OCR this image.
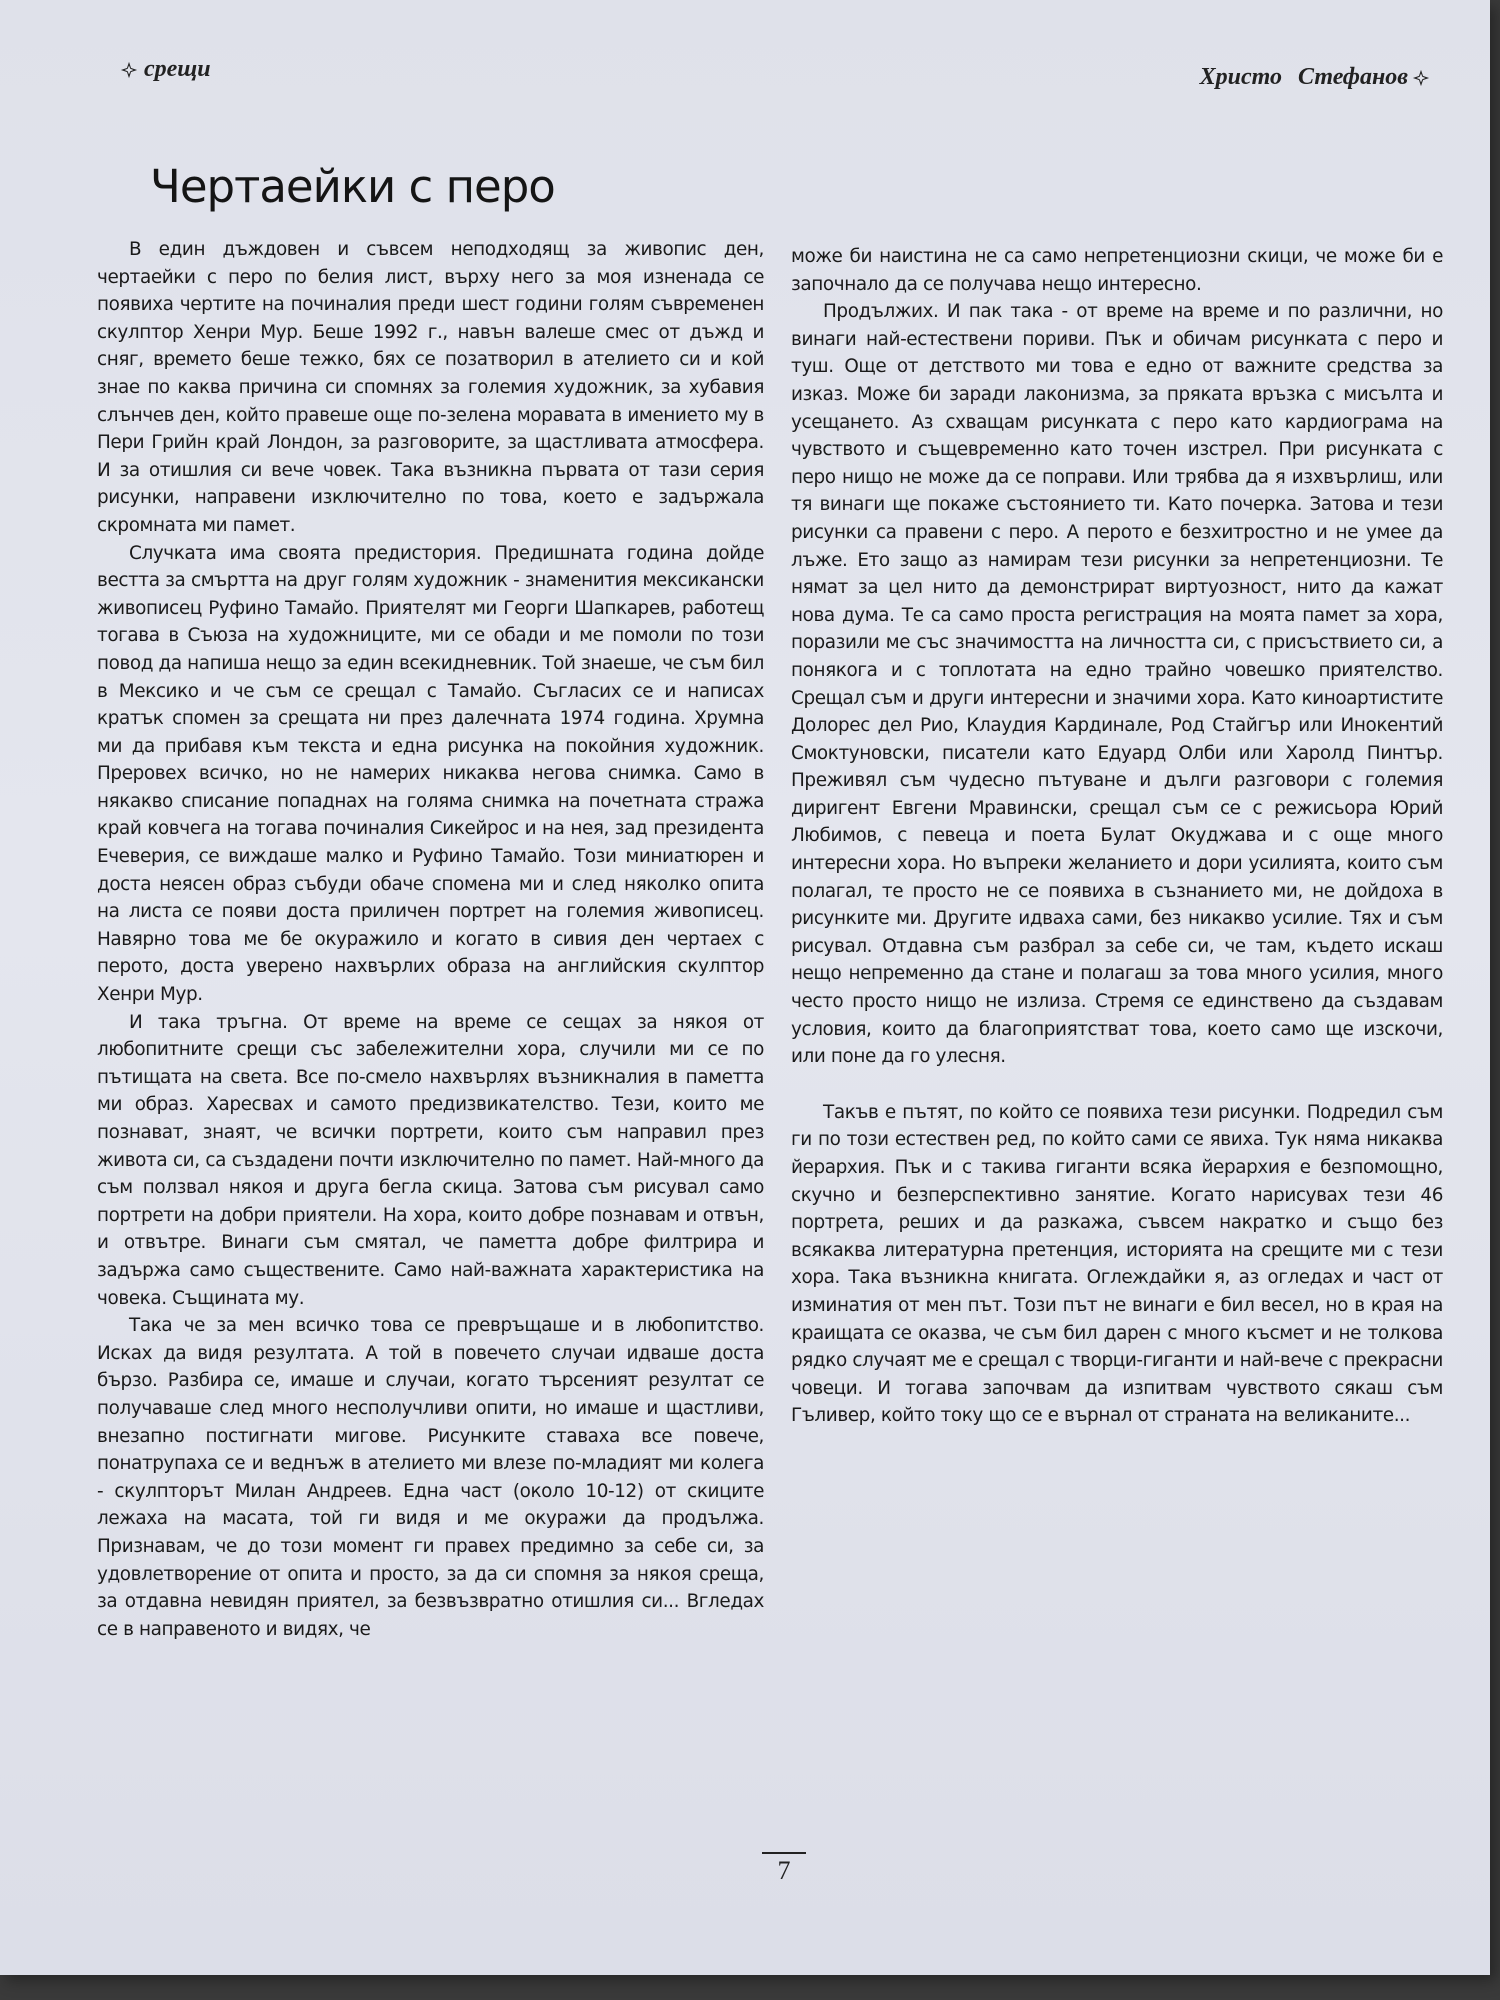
срещи	Христо Стефанов
Чертаейки с перо

В един дъждовен и съвсем неподходящ за живопис ден, чертаейки с перо по белия лист, върху него за моя изненада се появиха чертите на починалия преди шест години голям съвременен скулптор Хенри Мур. Беше 1992 г., навън валеше смес от дъжд и сняг, времето беше тежко, бях се позатворил в ателието си и кой знае по каква причина си спомнях за големия художник, за хубавия слънчев ден, който правеше още по-зелена моравата в имението му в Пери Грийн край Лондон, за разговорите, за щастливата атмосфера. И за отишлия си вече човек. Така възникна първата от тази серия рисунки, направени изключително по това, което е задържала скромната ми памет.

Случката има своята предистория. Предишната година дойде вестта за смъртта на друг голям художник - знаменития мексикански живописец Руфино Тамайо. Приятелят ми Георги Шапкарев, работещ тогава в Съюза на художниците, ми се обади и ме помоли по този повод да напиша нещо за един всекидневник. Той знаеше, че съм бил в Мексико и че съм се срещал с Тамайо. Съгласих се и написах кратък спомен за срещата ни през далечната 1974 година. Хрумна ми да прибавя към текста и една рисунка на покойния художник. Преровех всичко, но не намерих никаква негова снимка. Само в някакво списание попаднах на голяма снимка на почетната стража край ковчега на тогава починалия Сикейрос и на нея, зад президента Ечеверия, се виждаше малко и Руфино Тамайо. Този миниатюрен и доста неясен образ събуди обаче спомена ми и след няколко опита на листа се появи доста приличен портрет на големия живописец. Навярно това ме бе окуражило и когато в сивия ден чертаех с перото, доста уверено нахвърлих образа на английския скулптор Хенри Мур.

И така тръгна. От време на време се сещах за някоя от любопитните срещи със забележителни хора, случили ми се по пътищата на света. Все по-смело нахвърлях възникналия в паметта ми образ. Харесвах и самото предизвикателство. Тези, които ме познават, знаят, че всички портрети, които съм направил през живота си, са създадени почти изключително по памет. Най-много да съм ползвал някоя и друга бегла скица. Затова съм рисувал само портрети на добри приятели. На хора, които добре познавам и отвън, и отвътре. Винаги съм смятал, че паметта добре филтрира и задържа само съществените. Само най-важната характеристика на човека. Същината му.

Така че за мен всичко това се превръщаше и в любопитство. Исках да видя резултата. А той в повечето случаи идваше доста бързо. Разбира се, имаше и случаи, когато търсеният резултат се получаваше след много несполучливи опити, но имаше и щастливи, внезапно постигнати мигове. Рисунките ставаха все повече, понатрупаха се и веднъж в ателието ми влезе по-младият ми колега - скулпторът Милан Андреев. Една част (около 10-12) от скиците лежаха на масата, той ги видя и ме окуражи да продължа. Признавам, че до този момент ги правех предимно за себе си, за удовлетворение от опита и просто, за да си спомня за някоя среща, за отдавна невидян приятел, за безвъзвратно отишлия си... Вгледах се в направеното и видях, че

може би наистина не са само непретенциозни скици, че може би е започнало да се получава нещо интересно.

Продължих. И пак така - от време на време и по различни, но винаги най-естествени пориви. Пък и обичам рисунката с перо и туш. Още от детството ми това е едно от важните средства за изказ. Може би заради лаконизма, за пряката връзка с мисълта и усещането. Аз схващам рисунката с перо като кардиограма на чувството и същевременно като точен изстрел. При рисунката с перо нищо не може да се поправи. Или трябва да я изхвърлиш, или тя винаги ще покаже състоянието ти. Като почерка. Затова и тези рисунки са правени с перо. А перото е безхитростно и не умее да лъже. Ето защо аз намирам тези рисунки за непретенциозни. Те нямат за цел нито да демонстрират виртуозност, нито да кажат нова дума. Те са само проста регистрация на моята памет за хора, поразили ме със значимостта на личността си, с присъствието си, а понякога и с топлотата на едно трайно човешко приятелство. Срещал съм и други интересни и значими хора. Като киноартистите Долорес дел Рио, Клаудия Кардинале, Род Стайгър или Инокентий Смоктуновски, писатели като Едуард Олби или Харолд Пинтър. Преживял съм чудесно пътуване и дълги разговори с големия диригент Евгени Мравински, срещал съм се с режисьора Юрий Любимов, с певеца и поета Булат Окуджава и с още много интересни хора. Но въпреки желанието и дори усилията, които съм полагал, те просто не се появиха в съзнанието ми, не дойдоха в рисунките ми. Другите идваха сами, без никакво усилие. Тях и съм рисувал. Отдавна съм разбрал за себе си, че там, където искаш нещо непременно да стане и полагаш за това много усилия, много често просто нищо не излиза. Стремя се единствено да създавам условия, които да благоприятстват това, което само ще изскочи, или поне да го улесня.

Такъв е пътят, по който се появиха тези рисунки. Подредил съм ги по този естествен ред, по който сами се явиха. Тук няма никаква йерархия. Пък и с такива гиганти всяка йерархия е безпомощно, скучно и безперспективно занятие. Когато нарисувах тези 46 портрета, реших и да разкажа, съвсем накратко и също без всякаква литературна претенция, историята на срещите ми с тези хора. Така възникна книгата. Оглеждайки я, аз огледах и част от изминатия от мен път. Този път не винаги е бил весел, но в края на краищата се оказва, че съм бил дарен с много късмет и не толкова рядко случаят ме е срещал с творци-гиганти и най-вече с прекрасни човеци. И тогава започвам да изпитвам чувството сякаш съм Гъливер, който току що се е върнал от страната на великаните...

7
